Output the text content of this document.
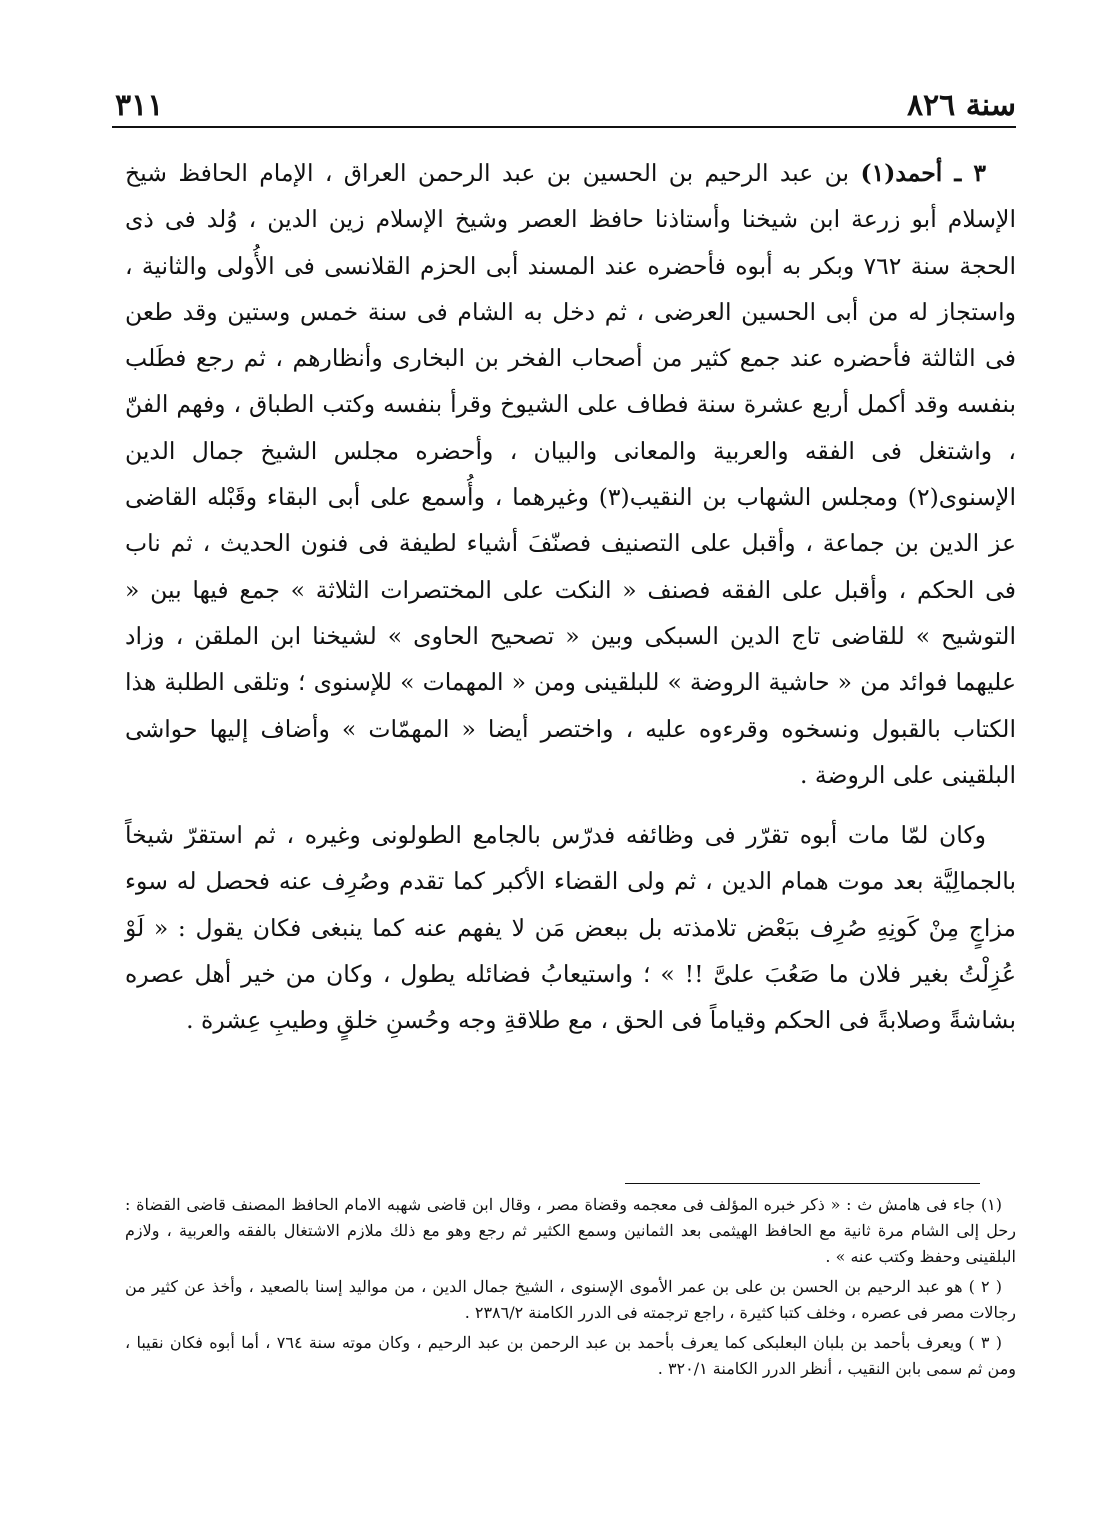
سنة ٨٢٦
٣١١

٣ ـ أحمد(١) بن عبد الرحيم بن الحسين بن عبد الرحمن العراق ، الإمام الحافظ شيخ الإسلام أبو زرعة ابن شيخنا وأستاذنا حافظ العصر وشيخ الإسلام زين الدين ، وُلد فى ذى الحجة سنة ٧٦٢ وبكر به أبوه فأحضره عند المسند أبى الحزم القلانسى فى الأُولى والثانية ، واستجاز له من أبى الحسين العرضى ، ثم دخل به الشام فى سنة خمس وستين وقد طعن فى الثالثة فأحضره عند جمع كثير من أصحاب الفخر بن البخارى وأنظارهم ، ثم رجع فطَلب بنفسه وقد أكمل أربع عشرة سنة فطاف على الشيوخ وقرأ بنفسه وكتب الطباق ، وفهم الفنّ ، واشتغل فى الفقه والعربية والمعانى والبيان ، وأحضره مجلس الشيخ جمال الدين الإسنوى(٢) ومجلس الشهاب بن النقيب(٣) وغيرهما ، وأُسمع على أبى البقاء وقَبْله القاضى عز الدين بن جماعة ، وأقبل على التصنيف فصنّفَ أشياء لطيفة فى فنون الحديث ، ثم ناب فى الحكم ، وأقبل على الفقه فصنف « النكت على المختصرات الثلاثة » جمع فيها بين « التوشيح » للقاضى تاج الدين السبكى وبين « تصحيح الحاوى » لشيخنا ابن الملقن ، وزاد عليهما فوائد من « حاشية الروضة » للبلقينى ومن « المهمات » للإسنوى ؛ وتلقى الطلبة هذا الكتاب بالقبول ونسخوه وقرءوه عليه ، واختصر أيضا « المهمّات » وأضاف إليها حواشى البلقينى على الروضة .

وكان لمّا مات أبوه تقرّر فى وظائفه فدرّس بالجامع الطولونى وغيره ، ثم استقرّ شيخاً بالجمالِيَّة بعد موت همام الدين ، ثم ولى القضاء الأكبر كما تقدم وصُرِف عنه فحصل له سوء مزاجٍ مِنْ كَونِهِ صُرِف ببَعْض تلامذته بل ببعض مَن لا يفهم عنه كما ينبغى فكان يقول : « لَوْ عُزِلْتُ بغير فلان ما صَعُبَ علىَّ !! » ؛ واستيعابُ فضائله يطول ، وكان من خير أهل عصره بشاشةً وصلابةً فى الحكم وقياماً فى الحق ، مع طلاقةِ وجه وحُسنِ خلقٍ وطيبِ عِشرة .

(١) جاء فى هامش ث : « ذكر خبره المؤلف فى معجمه وقضاة مصر ، وقال ابن قاضى شهبه الامام الحافظ المصنف قاضى القضاة : رحل إلى الشام مرة ثانية مع الحافظ الهيثمى بعد الثمانين وسمع الكثير ثم رجع وهو مع ذلك ملازم الاشتغال بالفقه والعربية ، ولازم البلقينى وحفظ وكتب عنه » .

( ٢ ) هو عبد الرحيم بن الحسن بن على بن عمر الأموى الإسنوى ، الشيخ جمال الدين ، من مواليد إسنا بالصعيد ، وأخذ عن كثير من رجالات مصر فى عصره ، وخلف كتبا كثيرة ، راجع ترجمته فى الدرر الكامنة ٢٣٨٦/٢ .

( ٣ ) ويعرف بأحمد بن بلبان البعلبكى كما يعرف بأحمد بن عبد الرحمن بن عبد الرحيم ، وكان موته سنة ٧٦٤ ، أما أبوه فكان نقيبا ، ومن ثم سمى بابن النقيب ، أنظر الدرر الكامنة ٣٢٠/١ .
